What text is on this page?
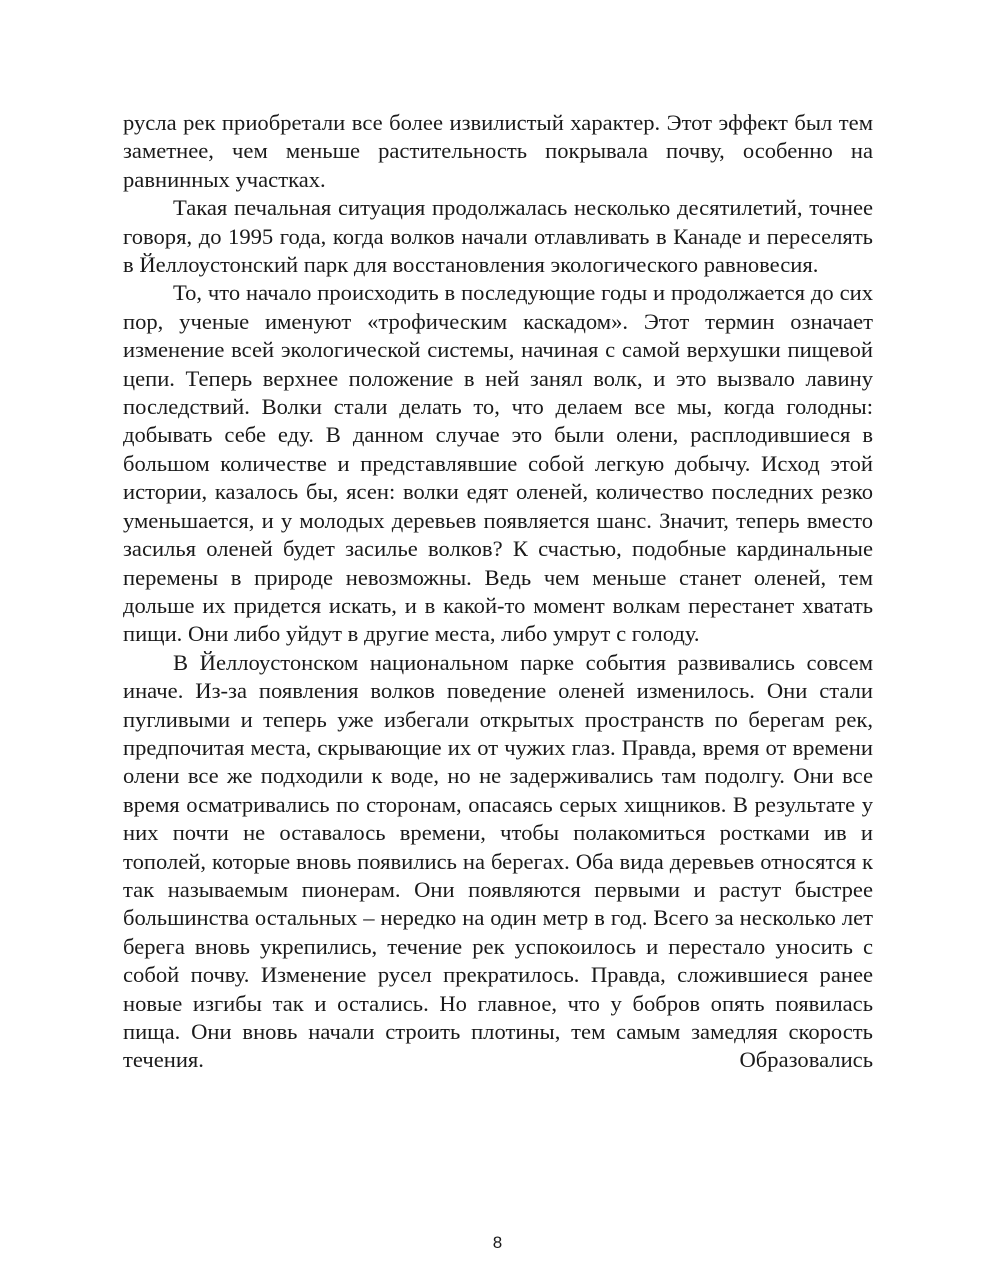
русла рек приобретали все более извилистый характер. Этот эффект был тем заметнее, чем меньше растительность покрывала почву, особенно на равнинных участках.

Такая печальная ситуация продолжалась несколько десятилетий, точнее говоря, до 1995 года, когда волков начали отлавливать в Канаде и переселять в Йеллоустонский парк для восстановления экологического равновесия.

То, что начало происходить в последующие годы и продолжается до сих пор, ученые именуют «трофическим каскадом». Этот термин означает изменение всей экологической системы, начиная с самой верхушки пищевой цепи. Теперь верхнее положение в ней занял волк, и это вызвало лавину последствий. Волки стали делать то, что делаем все мы, когда голодны: добывать себе еду. В данном случае это были олени, расплодившиеся в большом количестве и представлявшие собой легкую добычу. Исход этой истории, казалось бы, ясен: волки едят оленей, количество последних резко уменьшается, и у молодых деревьев появляется шанс. Значит, теперь вместо засилья оленей будет засилье волков? К счастью, подобные кардинальные перемены в природе невозможны. Ведь чем меньше станет оленей, тем дольше их придется искать, и в какой-то момент волкам перестанет хватать пищи. Они либо уйдут в другие места, либо умрут с голоду.

В Йеллоустонском национальном парке события развивались совсем иначе. Из-за появления волков поведение оленей изменилось. Они стали пугливыми и теперь уже избегали открытых пространств по берегам рек, предпочитая места, скрывающие их от чужих глаз. Правда, время от времени олени все же подходили к воде, но не задерживались там подолгу. Они все время осматривались по сторонам, опасаясь серых хищников. В результате у них почти не оставалось времени, чтобы полакомиться ростками ив и тополей, которые вновь появились на берегах. Оба вида деревьев относятся к так называемым пионерам. Они появляются первыми и растут быстрее большинства остальных – нередко на один метр в год. Всего за несколько лет берега вновь укрепились, течение рек успокоилось и перестало уносить с собой почву. Изменение русел прекратилось. Правда, сложившиеся ранее новые изгибы так и остались. Но главное, что у бобров опять появилась пища. Они вновь начали строить плотины, тем самым замедляя скорость течения. Образовались

8
